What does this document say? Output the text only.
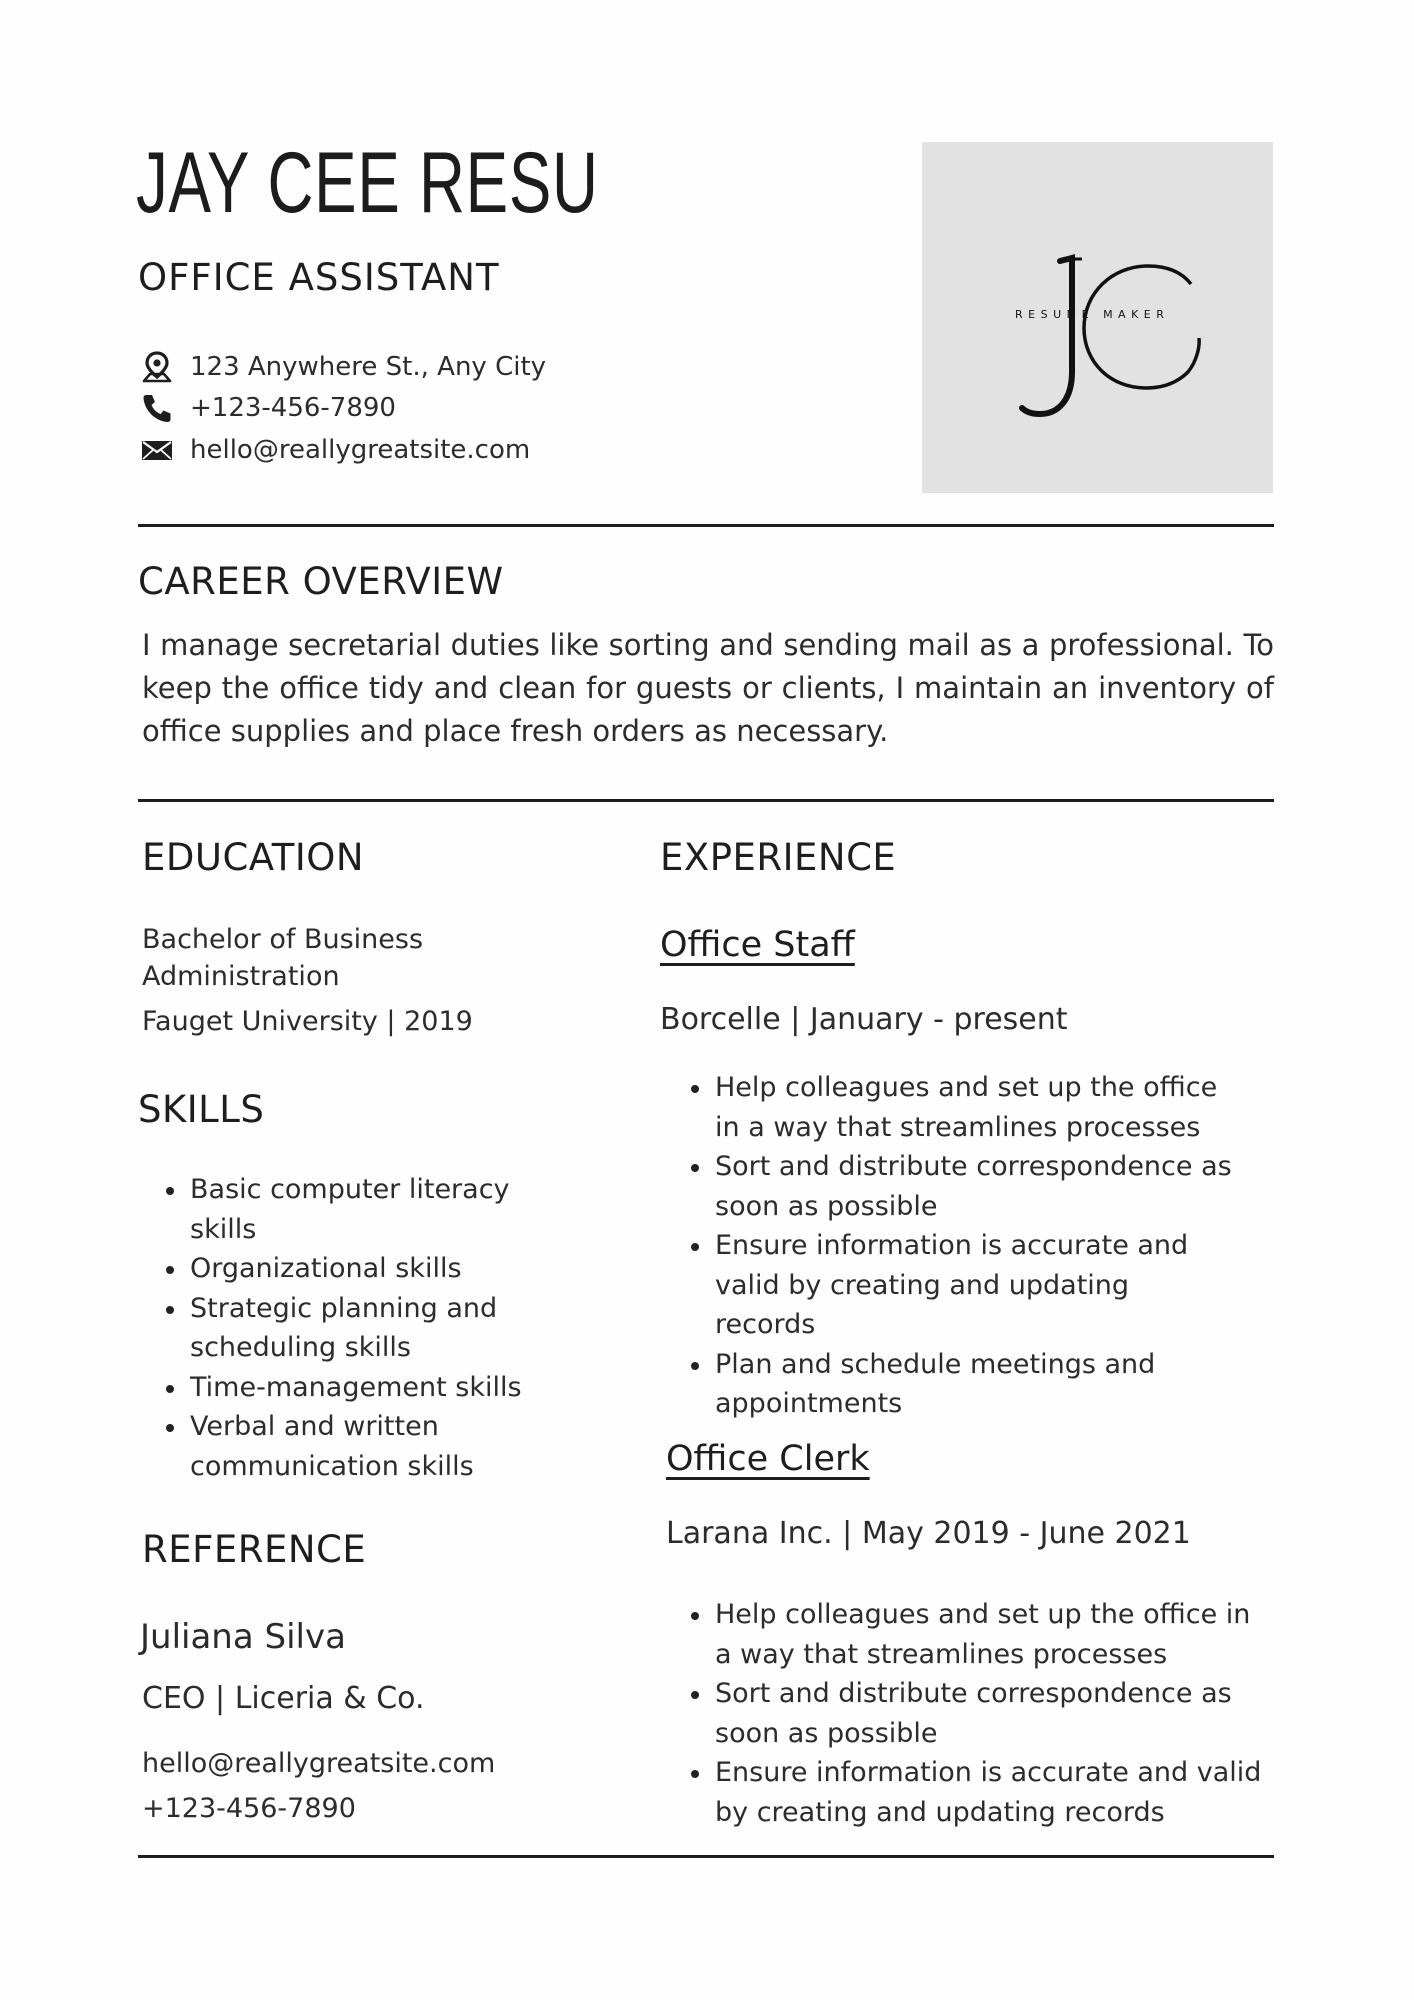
JAY CEE RESU
OFFICE ASSISTANT
123 Anywhere St., Any City
+123-456-7890
hello@reallygreatsite.com
RESUME MAKER
CAREER OVERVIEW

I manage secretarial duties like sorting and sending mail as a professional. To keep the office tidy and clean for guests or clients, I maintain an inventory of office supplies and place fresh orders as necessary.

EDUCATION
Bachelor of Business
Administration
Fauget University | 2019
SKILLS
Basic computer literacy skills
Organizational skills
Strategic planning and scheduling skills
Time-management skills
Verbal and written communication skills
REFERENCE
Juliana Silva
CEO | Liceria & Co.
hello@reallygreatsite.com
+123-456-7890
EXPERIENCE
Office Staff
Borcelle | January - present
Help colleagues and set up the office in a way that streamlines processes
Sort and distribute correspondence as soon as possible
Ensure information is accurate and valid by creating and updating records
Plan and schedule meetings and appointments
Office Clerk
Larana Inc. | May 2019 - June 2021
Help colleagues and set up the office in a way that streamlines processes
Sort and distribute correspondence as soon as possible
Ensure information is accurate and valid by creating and updating records
